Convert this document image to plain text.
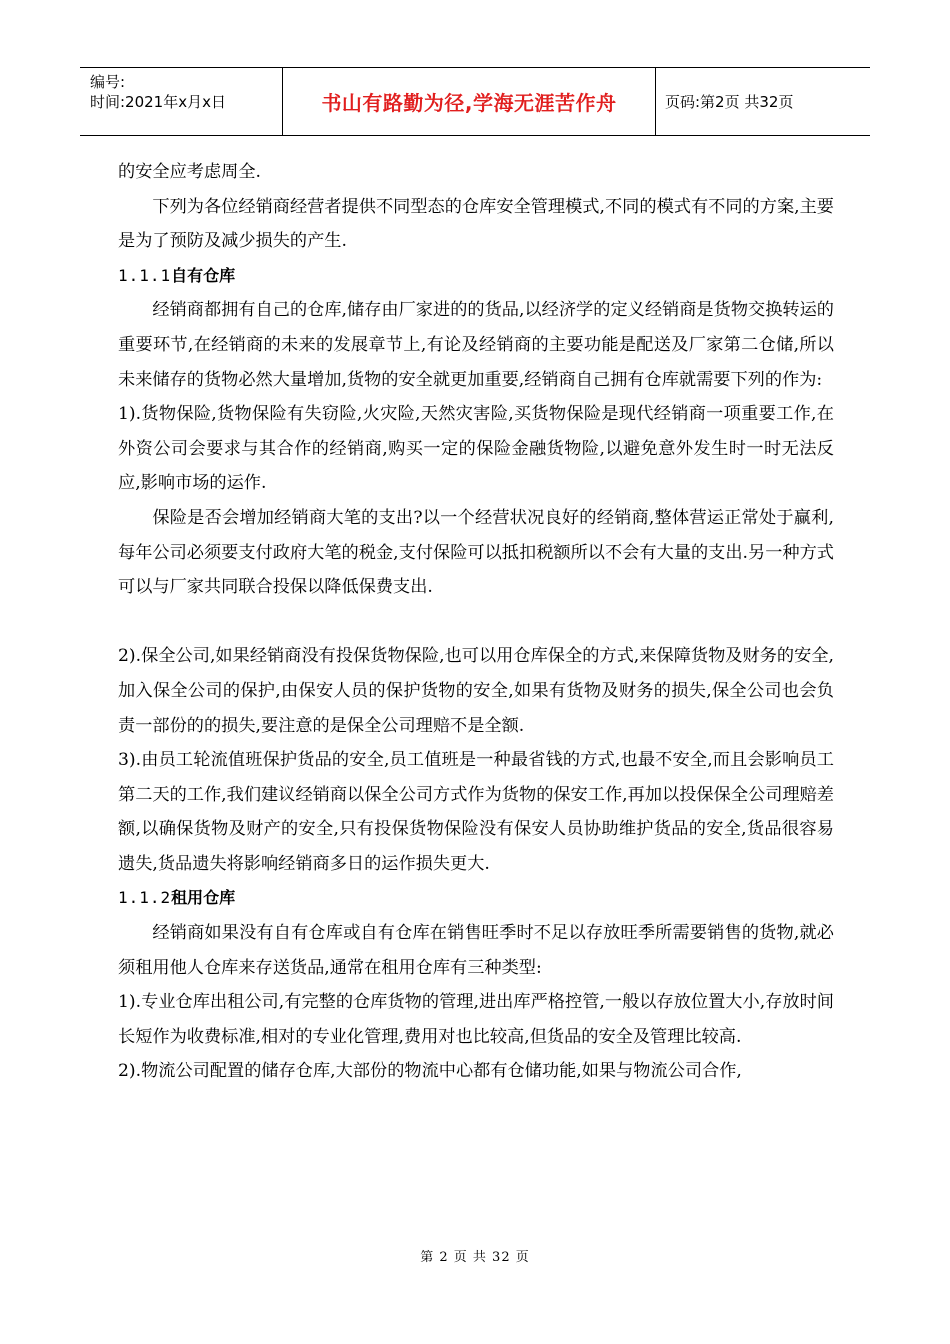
编号:
时间:2021年x月x日	书山有路勤为径,学海无涯苦作舟	页码:第2页 共32页

的安全应考虑周全.

下列为各位经销商经营者提供不同型态的仓库安全管理模式,不同的模式有不同的方案,主要是为了预防及减少损失的产生.

1.1.1自有仓库

经销商都拥有自己的仓库,储存由厂家进的的货品,以经济学的定义经销商是货物交换转运的重要环节,在经销商的未来的发展章节上,有论及经销商的主要功能是配送及厂家第二仓储,所以未来储存的货物必然大量增加,货物的安全就更加重要,经销商自己拥有仓库就需要下列的作为:

1).货物保险,货物保险有失窃险,火灾险,天然灾害险,买货物保险是现代经销商一项重要工作,在外资公司会要求与其合作的经销商,购买一定的保险金融货物险,以避免意外发生时一时无法反应,影响市场的运作.

保险是否会增加经销商大笔的支出?以一个经营状况良好的经销商,整体营运正常处于赢利,每年公司必须要支付政府大笔的税金,支付保险可以抵扣税额所以不会有大量的支出.另一种方式可以与厂家共同联合投保以降低保费支出.

2).保全公司,如果经销商没有投保货物保险,也可以用仓库保全的方式,来保障货物及财务的安全,加入保全公司的保护,由保安人员的保护货物的安全,如果有货物及财务的损失,保全公司也会负责一部份的的损失,要注意的是保全公司理赔不是全额.

3).由员工轮流值班保护货品的安全,员工值班是一种最省钱的方式,也最不安全,而且会影响员工第二天的工作,我们建议经销商以保全公司方式作为货物的保安工作,再加以投保保全公司理赔差额,以确保货物及财产的安全,只有投保货物保险没有保安人员协助维护货品的安全,货品很容易遗失,货品遗失将影响经销商多日的运作损失更大.

1.1.2租用仓库

经销商如果没有自有仓库或自有仓库在销售旺季时不足以存放旺季所需要销售的货物,就必须租用他人仓库来存送货品,通常在租用仓库有三种类型:

1).专业仓库出租公司,有完整的仓库货物的管理,进出库严格控管,一般以存放位置大小,存放时间长短作为收费标准,相对的专业化管理,费用对也比较高,但货品的安全及管理比较高.

2).物流公司配置的储存仓库,大部份的物流中心都有仓储功能,如果与物流公司合作,

第 2 页 共 32 页
